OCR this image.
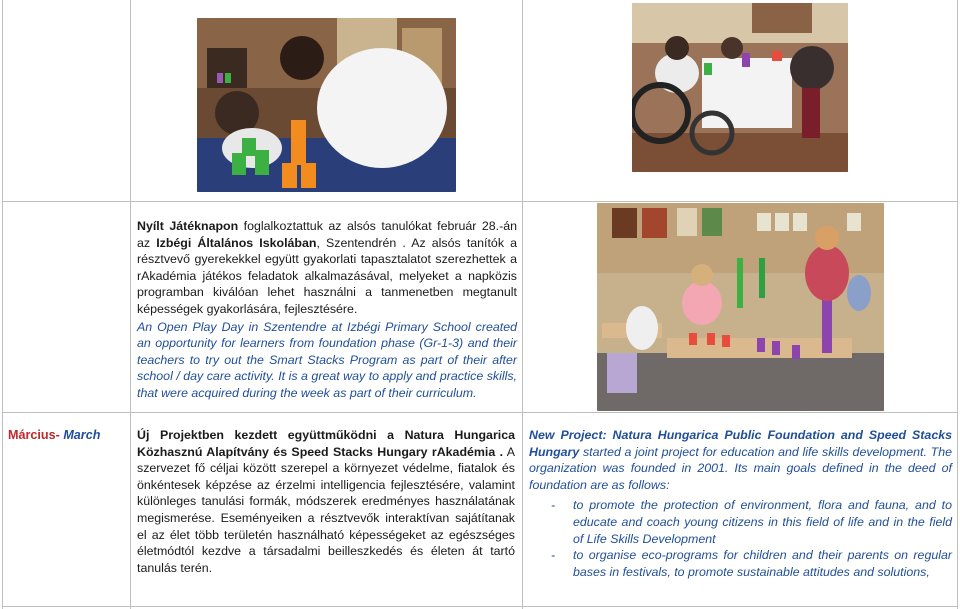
Nyílt Játéknapon foglalkoztattuk az alsós tanulókat február 28.-án az Izbégi Általános Iskolában, Szentendrén . Az alsós tanítók a résztvevő gyerekekkel együtt gyakorlati tapasztalatot szerezhettek a rAkadémia játékos feladatok alkalmazásával, melyeket a napközis programban kiválóan lehet használni a tanmenetben megtanult képességek gyakorlására, fejlesztésére.

An Open Play Day in Szentendre at Izbégi Primary School created an opportunity for learners from foundation phase (Gr-1-3) and their teachers to try out the Smart Stacks Program as part of their after school / day care activity. It is a great way to apply and practice skills, that were acquired during the week as part of their curriculum.

Március- March	Új Projektben kezdett együttműködni a Natura Hungarica Közhasznú Alapítvány és Speed Stacks Hungary rAkadémia . A szervezet fő céljai között szerepel a környezet védelme, fiatalok és önkéntesek képzése az érzelmi intelligencia fejlesztésére, valamint különleges tanulási formák, módszerek eredményes használatának megismerése. Eseményeiken a résztvevők interaktívan sajátítanak el az élet több területén használható képességeket az egészséges életmódtól kezdve a társadalmi beilleszkedés és életen át tartó tanulás terén.

New Project: Natura Hungarica Public Foundation and Speed Stacks Hungary started a joint project for education and life skills development. The organization was founded in 2001. Its main goals defined in the deed of foundation are as follows:

- to promote the protection of environment, flora and fauna, and to educate and coach young citizens in this field of life and in the field of Life Skills Development
- to organise eco-programs for children and their parents on regular bases in festivals, to promote sustainable attitudes and solutions,
